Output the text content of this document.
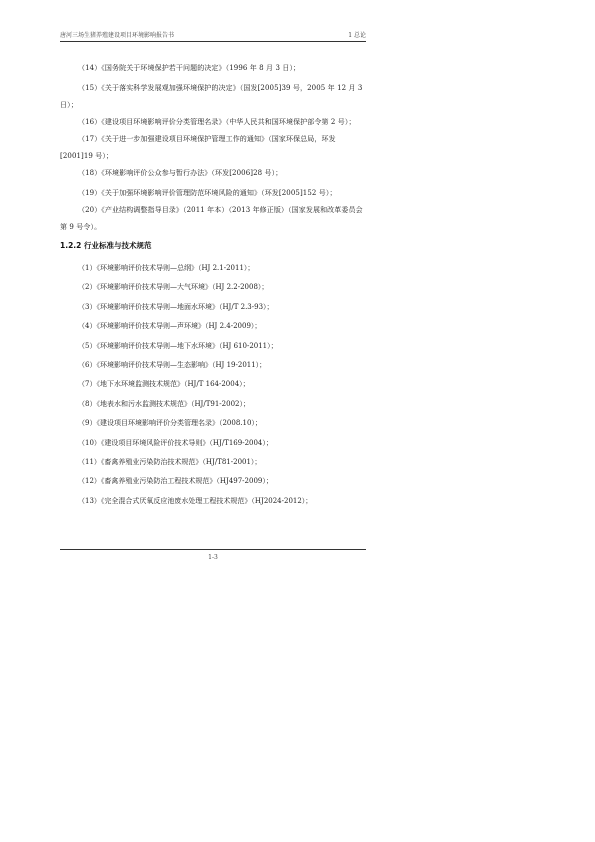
唐河三场生猪养殖建设项目环境影响报告书	1 总论

（14）《国务院关于环境保护若干问题的决定》（1996 年 8 月 3 日）；

（15）《关于落实科学发展观加强环境保护的决定》（国发[2005]39 号，2005 年 12 月 3 日）；

（16）《建设项目环境影响评价分类管理名录》（中华人民共和国环境保护部令第 2 号）；

（17）《关于进一步加强建设项目环境保护管理工作的通知》（国家环保总局，环发[2001]19 号）；

（18）《环境影响评价公众参与暂行办法》（环发[2006]28 号）；

（19）《关于加强环境影响评价管理防范环境风险的通知》（环发[2005]152 号）；

（20）《产业结构调整指导目录》（2011 年本）（2013 年修正版）（国家发展和改革委员会第 9 号令）。

1.2.2 行业标准与技术规范

（1）《环境影响评价技术导则—总纲》（HJ 2.1-2011）；

（2）《环境影响评价技术导则—大气环境》（HJ 2.2-2008）；

（3）《环境影响评价技术导则—地面水环境》（HJ/T 2.3-93）；

（4）《环境影响评价技术导则—声环境》（HJ 2.4-2009）；

（5）《环境影响评价技术导则—地下水环境》（HJ 610-2011）；

（6）《环境影响评价技术导则—生态影响》（HJ 19-2011）；

（7）《地下水环境监测技术规范》（HJ/T 164-2004）；

（8）《地表水和污水监测技术规范》（HJ/T91-2002）；

（9）《建设项目环境影响评价分类管理名录》（2008.10）；

（10）《建设项目环境风险评价技术导则》（HJ/T169-2004）；

（11）《畜禽养殖业污染防治技术规范》（HJ/T81-2001）；

（12）《畜禽养殖业污染防治工程技术规范》（HJ497-2009）；

（13）《完全混合式厌氧反应池废水处理工程技术规范》（HJ2024-2012）；

1-3
